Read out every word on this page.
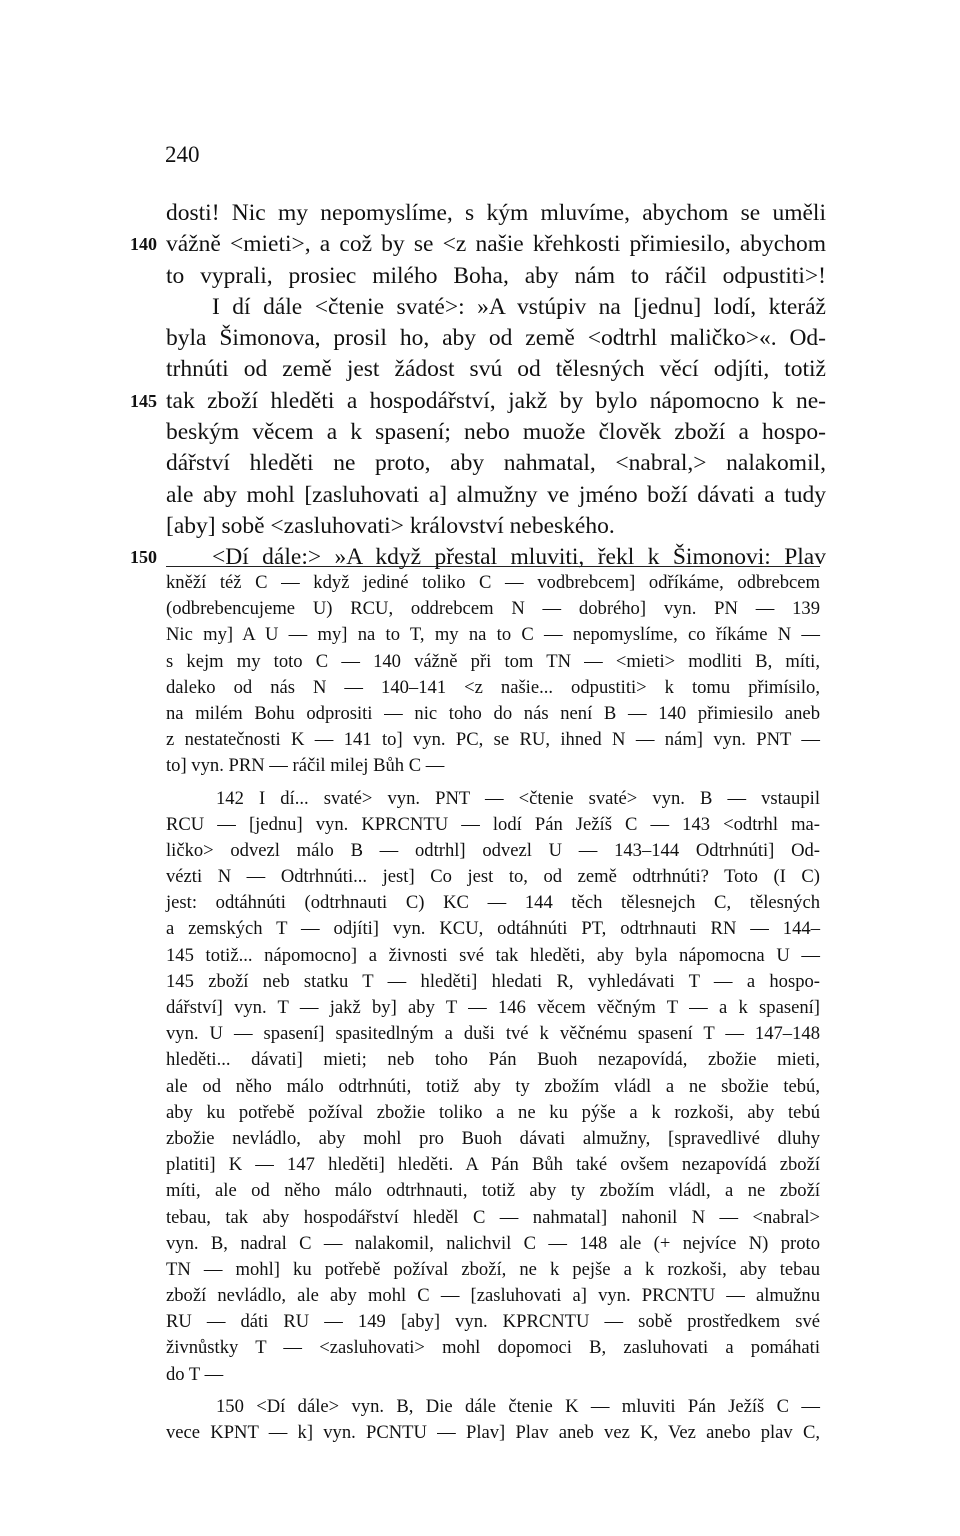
240
dosti! Nic my nepomyslíme, s kým mluvíme, abychom se uměli
140 vážně <mieti>, a což by se <z našie křehkosti přimiesilo, abychom
to vyprali, prosiec milého Boha, aby nám to ráčil odpustiti>!
I dí dále <čtenie svaté>: »A vstúpiv na [jednu] lodí, kteráž
byla Šimonova, prosil ho, aby od země <odtrhl maličko>«. Od-
trhnúti od země jest žádost svú od tělesných věcí odjíti, totiž
145 tak zboží hleděti a hospodářství, jakž by bylo nápomocno k ne-
beským věcem a k spasení; nebo muože člověk zboží a hospo-
dářství hleděti ne proto, aby nahmatal, <nabral,> nalakomil,
ale aby mohl [zasluhovati a] almužny ve jméno boží dávati a tudy
[aby] sobě <zasluhovati> království nebeského.
150	<Dí dále:> »A když přestal mluviti, řekl k Šimonovi: Plav
kněží též C — když jediné toliko C — vodbrebcem] odříkáme, odbrebcem
(odbrebencujeme U) RCU, oddrebcem N — dobrého] vyn. PN — 139
Nic my] A U — my] na to T, my na to C — nepomyslíme, co říkáme N —
s kejm my toto C — 140 vážně při tom TN — <mieti> modliti B, míti,
daleko od nás N — 140–141 <z našie... odpustiti> k tomu přimísilo,
na milém Bohu odprositi — nic toho do nás není B — 140 přimiesilo aneb
z nestatečnosti K — 141 to] vyn. PC, se RU, ihned N — nám] vyn. PNT —
to] vyn. PRN — ráčil milej Bůh C —
142 I dí... svaté> vyn. PNT — <čtenie svaté> vyn. B — vstaupil
RCU — [jednu] vyn. KPRCNTU — lodí Pán Ježíš C — 143 <odtrhl ma-
ličko> odvezl málo B — odtrhl] odvezl U — 143–144 Odtrhnúti] Od-
vézti N — Odtrhnúti... jest] Co jest to, od země odtrhnúti? Toto (I C)
jest: odtáhnúti (odtrhnauti C) KC — 144 těch tělesnejch C, tělesných
a zemských T — odjíti] vyn. KCU, odtáhnúti PT, odtrhnauti RN — 144–
145 totiž... nápomocno] a živnosti své tak hleděti, aby byla nápomocna U —
145 zboží neb statku T — hleděti] hledati R, vyhledávati T — a hospo-
dářství] vyn. T — jakž by] aby T — 146 věcem věčným T — a k spasení]
vyn. U — spasení] spasitedlným a duši tvé k věčnému spasení T — 147–148
hleděti... dávati] mieti; neb toho Pán Buoh nezapovídá, zbožie mieti,
ale od něho málo odtrhnúti, totiž aby ty zbožím vládl a ne sbožie tebú,
aby ku potřebě požíval zbožie toliko a ne ku pýše a k rozkoši, aby tebú
zbožie nevládlo, aby mohl pro Buoh dávati almužny, [spravedlivé dluhy
platiti] K — 147 hleděti] hleděti. A Pán Bůh také ovšem nezapovídá zboží
míti, ale od něho málo odtrhnauti, totiž aby ty zbožím vládl, a ne zboží
tebau, tak aby hospodářství hleděl C — nahmatal] nahonil N — <nabral>
vyn. B, nadral C — nalakomil, nalichvil C — 148 ale (+ nejvíce N) proto
TN — mohl] ku potřebě požíval zboží, ne k pejše a k rozkoši, aby tebau
zboží nevládlo, ale aby mohl C — [zasluhovati a] vyn. PRCNTU — almužnu
RU — dáti RU — 149 [aby] vyn. KPRCNTU — sobě prostředkem své
živnůstky T — <zasluhovati> mohl dopomoci B, zasluhovati a pomáhati
do T —
150 <Dí dále> vyn. B, Die dále čtenie K — mluviti Pán Ježíš C —
vece KPNT — k] vyn. PCNTU — Plav] Plav aneb vez K, Vez anebo plav C,
